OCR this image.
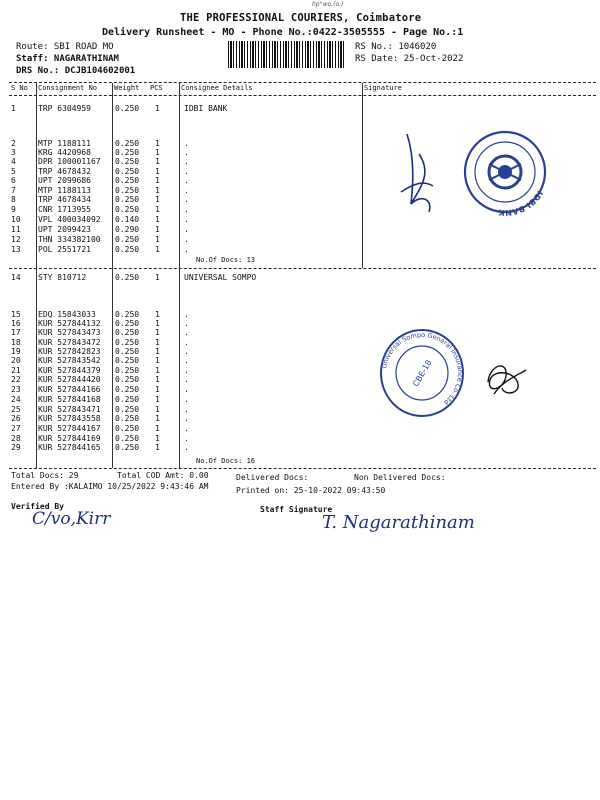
hp°wo,(o.)
THE PROFESSIONAL COURIERS, Coimbatore
Delivery Runsheet - MO - Phone No.:0422-3505555 - Page No.:1
Route: SBI ROAD MO
Staff: NAGARATHINAM
DRS No.: DCJB104602001
RS No.: 1046020
RS Date: 25-Oct-2022
S No Consignment No Weight PCS	Consignee Details	Signature
1	TRP 6304959	0.250 1	IDBI BANK
2	MTP 1188111	0.250 1	.
3	KRG 4420968	0.250 1	.
4	DPR 100001167 0.250 1	.
5	TRP 4678432	0.250 1	.
6	UPT 2099686	0.250 1	.
7	MTP 1188113	0.250 1	.
8	TRP 4678434	0.250 1	.
9	CNR 1713955	0.250 1	.
10 VPL 400034092 0.140 1	.
11 UPT 2099423	0.290 1	.
12 THN 334382100 0.250 1	.
13 POL 2551721	0.250 1	.
No.Of Docs: 13
14 STY 810712	0.250 1	UNIVERSAL SOMPO
15 EDQ 15843033 0.250 1	.
16 KUR 527844132 0.250 1	.
17 KUR 527843473 0.250 1	.
18 KUR 527843472 0.250 1	.
19 KUR 527842823 0.250 1	.
20 KUR 527843542 0.250 1	.
21 KUR 527844379 0.250 1	.
22 KUR 527844420 0.250 1	.
23 KUR 527844166 0.250 1	.
24 KUR 527844168 0.250 1	.
25 KUR 527843471 0.250 1	.
26 KUR 527843558 0.250 1	.
27 KUR 527844167 0.250 1	.
28 KUR 527844169 0.250 1	.
29 KUR 527844165 0.250 1	.
No.Of Docs: 16
IDBI BANK
Universal Sompo General Insurance Co. Ltd
CBE-18
Total Docs: 29	Total COD Amt: 0.00	Delivered Docs:	Non Delivered Docs:
Entered By :KALAIMO 10/25/2022 9:43:46 AM	Printed on: 25-10-2022 09:43:50
Verified By	Staff Signature
C/vo,Kirr	T. Nagarathinam
